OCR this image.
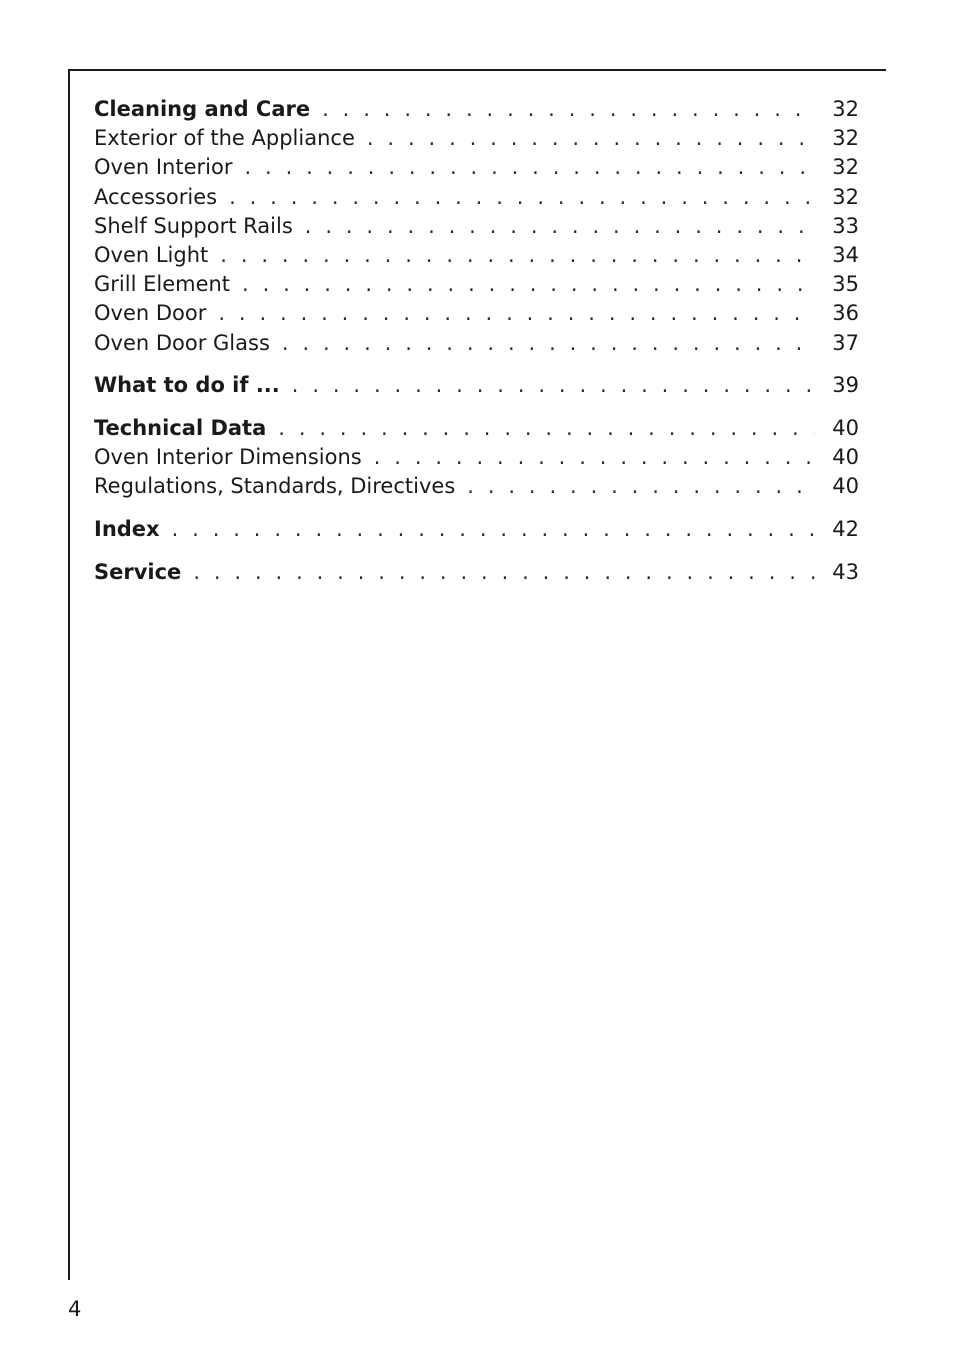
Cleaning and Care . . .	32
Exterior of the Appliance . . .	32
Oven Interior . . .	32
Accessories . . .	32
Shelf Support Rails . . .	33
Oven Light . . .	34
Grill Element . . .	35
Oven Door . . .	36
Oven Door Glass . . .	37
What to do if ... . . .	39
Technical Data . . .	40
Oven Interior Dimensions . . .	40
Regulations, Standards, Directives . . .	40
Index . . .	42
Service . . .	43
4
